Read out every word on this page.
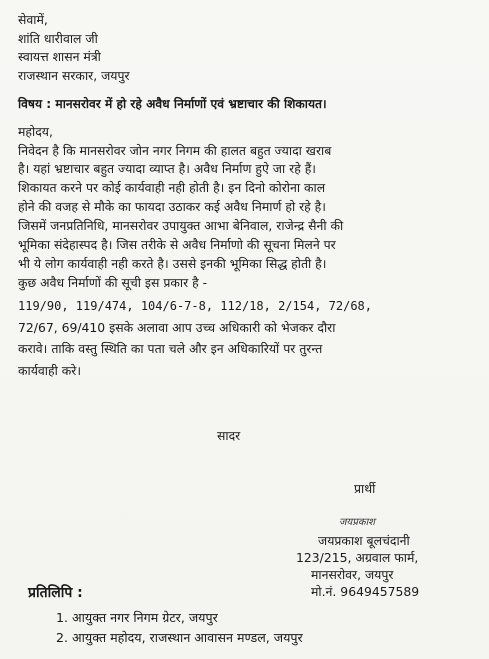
सेवामें,
शांति धारीवाल जी
स्वायत्त शासन मंत्री
राजस्थान सरकार, जयपुर
विषय : मानसरोवर में हो रहे अवैध निर्माणों एवं भ्रष्टाचार की शिकायत।
महोदय,
निवेदन है कि मानसरोवर जोन नगर निगम की हालत बहुत ज्यादा खराब
है। यहां भ्रष्टाचार बहुत ज्यादा व्याप्त है। अवैध निर्माण हुऐ जा रहे हैं।
शिकायत करने पर कोई कार्यवाही नही होती है। इन दिनो कोरोना काल
होने की वजह से मौके का फायदा उठाकर कई अवैध निमार्ण हो रहे है।
जिसमें जनप्रतिनिधि, मानसरोवर उपायुक्त आभा बेनिवाल, राजेन्द्र सैनी की
भूमिका संदेहास्पद है। जिस तरीके से अवैध निर्माणो की सूचना मिलने पर
भी ये लोग कार्यवाही नही करते है। उससे इनकी भूमिका सिद्ध होती है।
कुछ अवैध निर्माणों की सूची इस प्रकार है -
119/90, 119/474, 104/6-7-8, 112/18, 2/154, 72/68,
72/67, 69/410 इसके अलावा आप उच्च अधिकारी को भेजकर दौरा
करावे। ताकि वस्तु स्थिति का पता चले और इन अधिकारियों पर तुरन्त
कार्यवाही करे।
सादर
प्रार्थी
जयप्रकाश
जयप्रकाश बूलचंदानी
123/215, अग्रवाल फार्म,
मानसरोवर, जयपुर
मो.नं. 9649457589
प्रतिलिपि :
1. आयुक्त नगर निगम ग्रेटर, जयपुर
2. आयुक्त महोदय, राजस्थान आवासन मण्डल, जयपुर
